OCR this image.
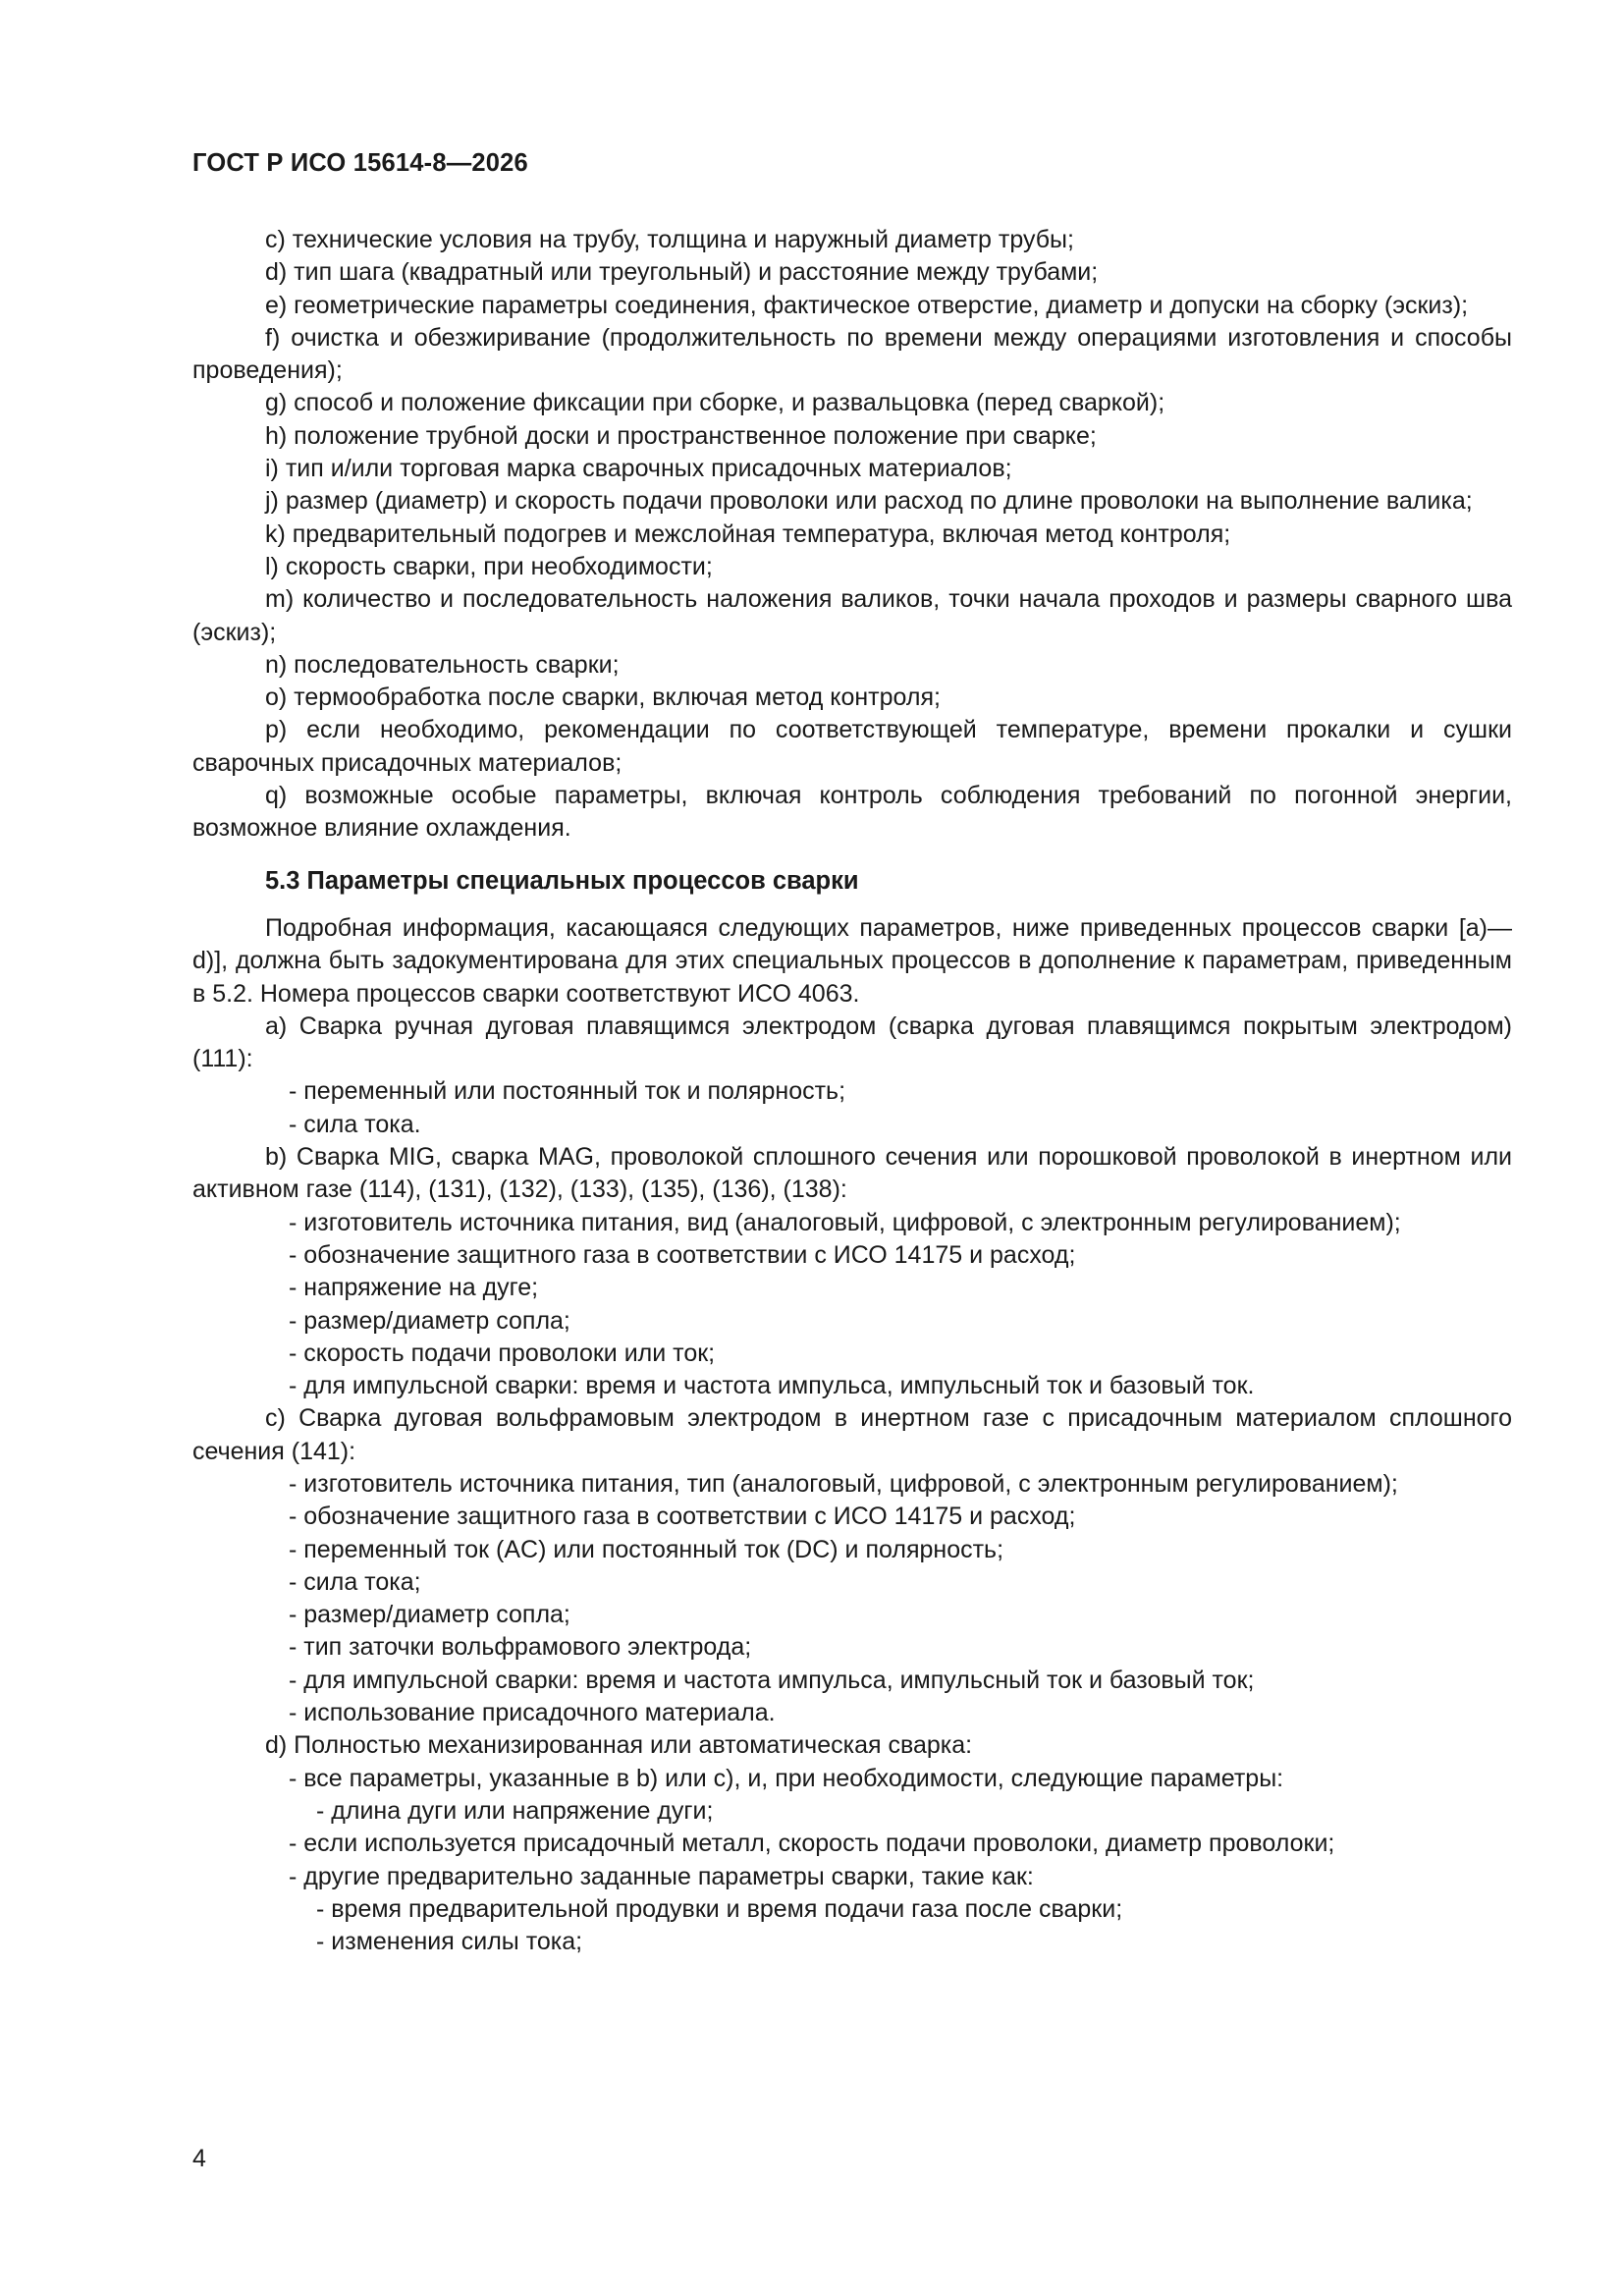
ГОСТ Р ИСО 15614-8—2026

c) технические условия на трубу, толщина и наружный диаметр трубы;

d) тип шага (квадратный или треугольный) и расстояние между трубами;

e) геометрические параметры соединения, фактическое отверстие, диаметр и допуски на сборку (эскиз);

f) очистка и обезжиривание (продолжительность по времени между операциями изготовления и способы проведения);

g) способ и положение фиксации при сборке, и развальцовка (перед сваркой);

h) положение трубной доски и пространственное положение при сварке;

i) тип и/или торговая марка сварочных присадочных материалов;

j) размер (диаметр) и скорость подачи проволоки или расход по длине проволоки на выполнение валика;

k) предварительный подогрев и межслойная температура, включая метод контроля;

l) скорость сварки, при необходимости;

m) количество и последовательность наложения валиков, точки начала проходов и размеры сварного шва (эскиз);

n) последовательность сварки;

o) термообработка после сварки, включая метод контроля;

p) если необходимо, рекомендации по соответствующей температуре, времени прокалки и сушки сварочных присадочных материалов;

q) возможные особые параметры, включая контроль соблюдения требований по погонной энергии, возможное влияние охлаждения.

5.3 Параметры специальных процессов сварки

Подробная информация, касающаяся следующих параметров, ниже приведенных процессов сварки [a)—d)], должна быть задокументирована для этих специальных процессов в дополнение к параметрам, приведенным в 5.2. Номера процессов сварки соответствуют ИСО 4063.

a) Сварка ручная дуговая плавящимся электродом (сварка дуговая плавящимся покрытым электродом) (111):

- переменный или постоянный ток и полярность;

- сила тока.

b) Сварка MIG, сварка MAG, проволокой сплошного сечения или порошковой проволокой в инертном или активном газе (114), (131), (132), (133), (135), (136), (138):

- изготовитель источника питания, вид (аналоговый, цифровой, с электронным регулированием);

- обозначение защитного газа в соответствии с ИСО 14175 и расход;

- напряжение на дуге;

- размер/диаметр сопла;

- скорость подачи проволоки или ток;

- для импульсной сварки: время и частота импульса, импульсный ток и базовый ток.

c) Сварка дуговая вольфрамовым электродом в инертном газе с присадочным материалом сплошного сечения (141):

- изготовитель источника питания, тип (аналоговый, цифровой, с электронным регулированием);

- обозначение защитного газа в соответствии с ИСО 14175 и расход;

- переменный ток (AC) или постоянный ток (DC) и полярность;

- сила тока;

- размер/диаметр сопла;

- тип заточки вольфрамового электрода;

- для импульсной сварки: время и частота импульса, импульсный ток и базовый ток;

- использование присадочного материала.

d) Полностью механизированная или автоматическая сварка:

- все параметры, указанные в b) или c), и, при необходимости, следующие параметры:

- длина дуги или напряжение дуги;

- если используется присадочный металл, скорость подачи проволоки, диаметр проволоки;

- другие предварительно заданные параметры сварки, такие как:

- время предварительной продувки и время подачи газа после сварки;

- изменения силы тока;

4
